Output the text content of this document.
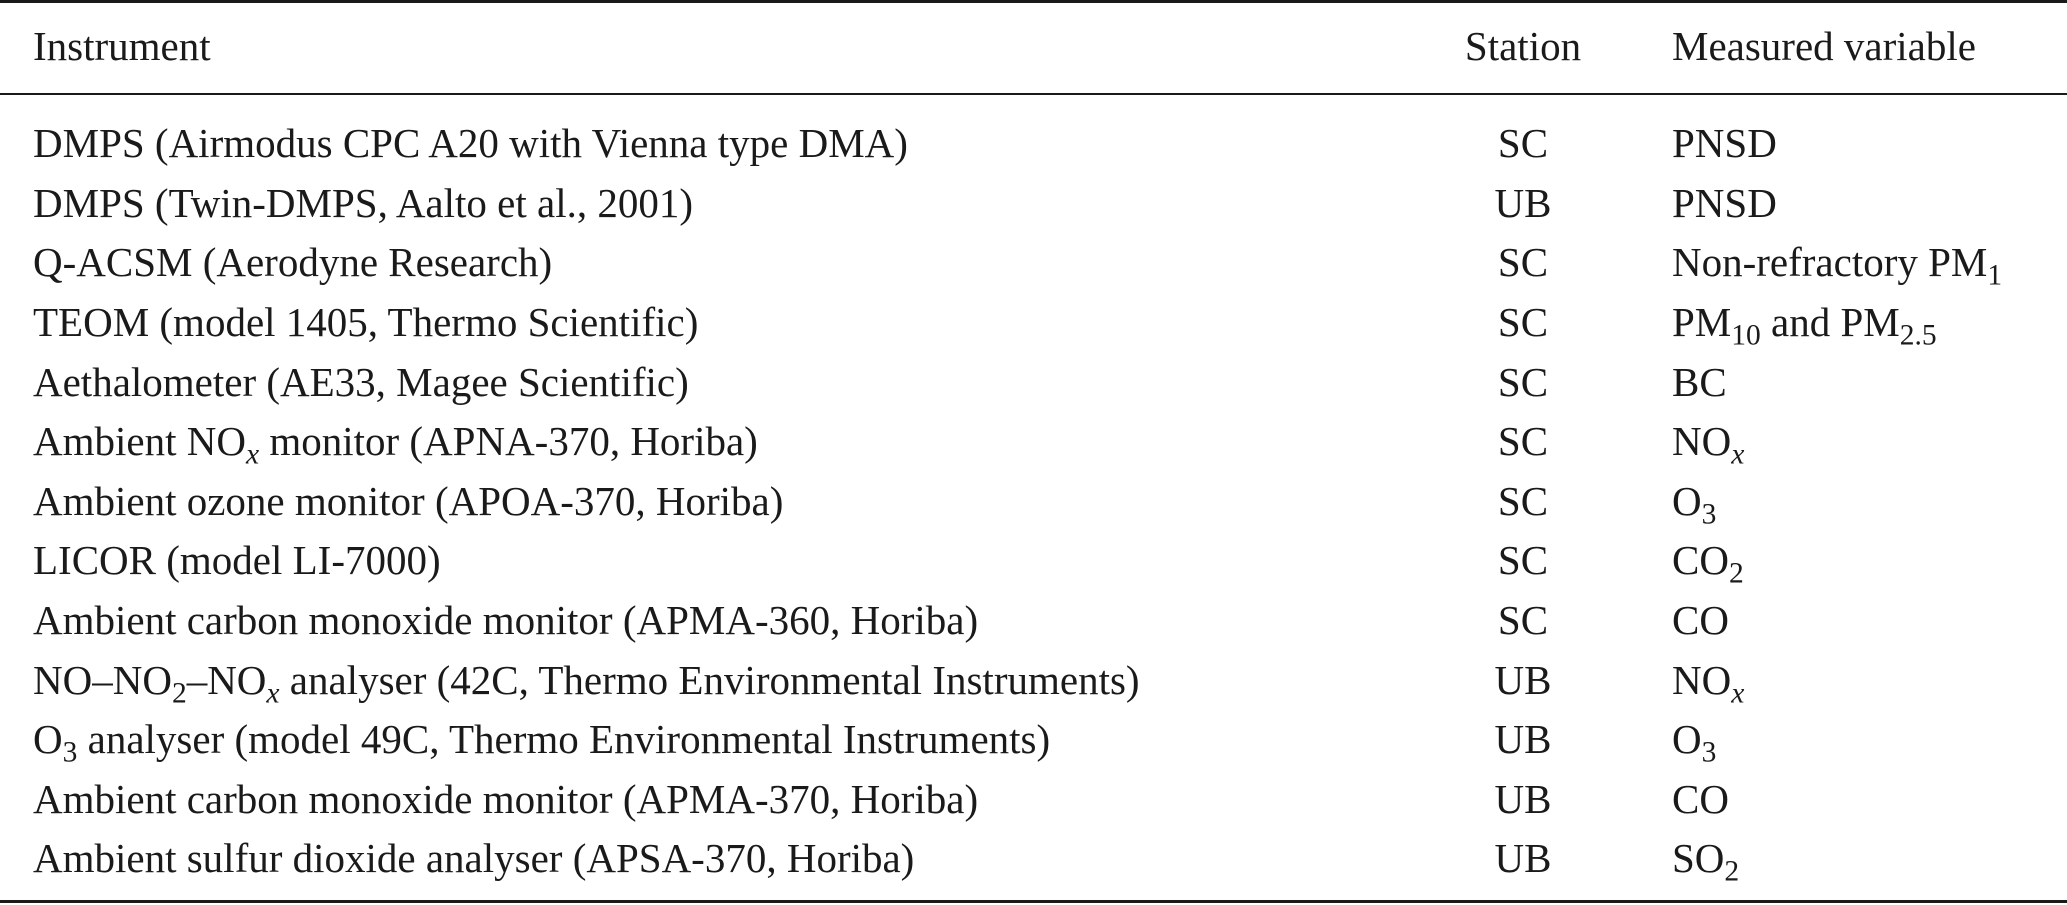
Instrument	Station	Measured variable
DMPS (Airmodus CPC A20 with Vienna type DMA)	SC	PNSD
DMPS (Twin-DMPS, Aalto et al., 2001)	UB	PNSD
Q-ACSM (Aerodyne Research)	SC	Non-refractory $PM_1$
TEOM (model 1405, Thermo Scientific)	SC	$PM_{10}$ and $PM_{2.5}$
Aethalometer (AE33, Magee Scientific)	SC	BC
Ambient $NO_x$ monitor (APNA-370, Horiba)	SC	$NO_x$
Ambient ozone monitor (APOA-370, Horiba)	SC	$O_3$
LICOR (model LI-7000)	SC	$CO_2$
Ambient carbon monoxide monitor (APMA-360, Horiba)	SC	CO
$NO-NO_2-NO_x$ analyser (42C, Thermo Environmental Instruments)	UB	$NO_x$
$O_3$ analyser (model 49C, Thermo Environmental Instruments)	UB	$O_3$
Ambient carbon monoxide monitor (APMA-370, Horiba)	UB	CO
Ambient sulfur dioxide analyser (APSA-370, Horiba)	UB	$SO_2$
